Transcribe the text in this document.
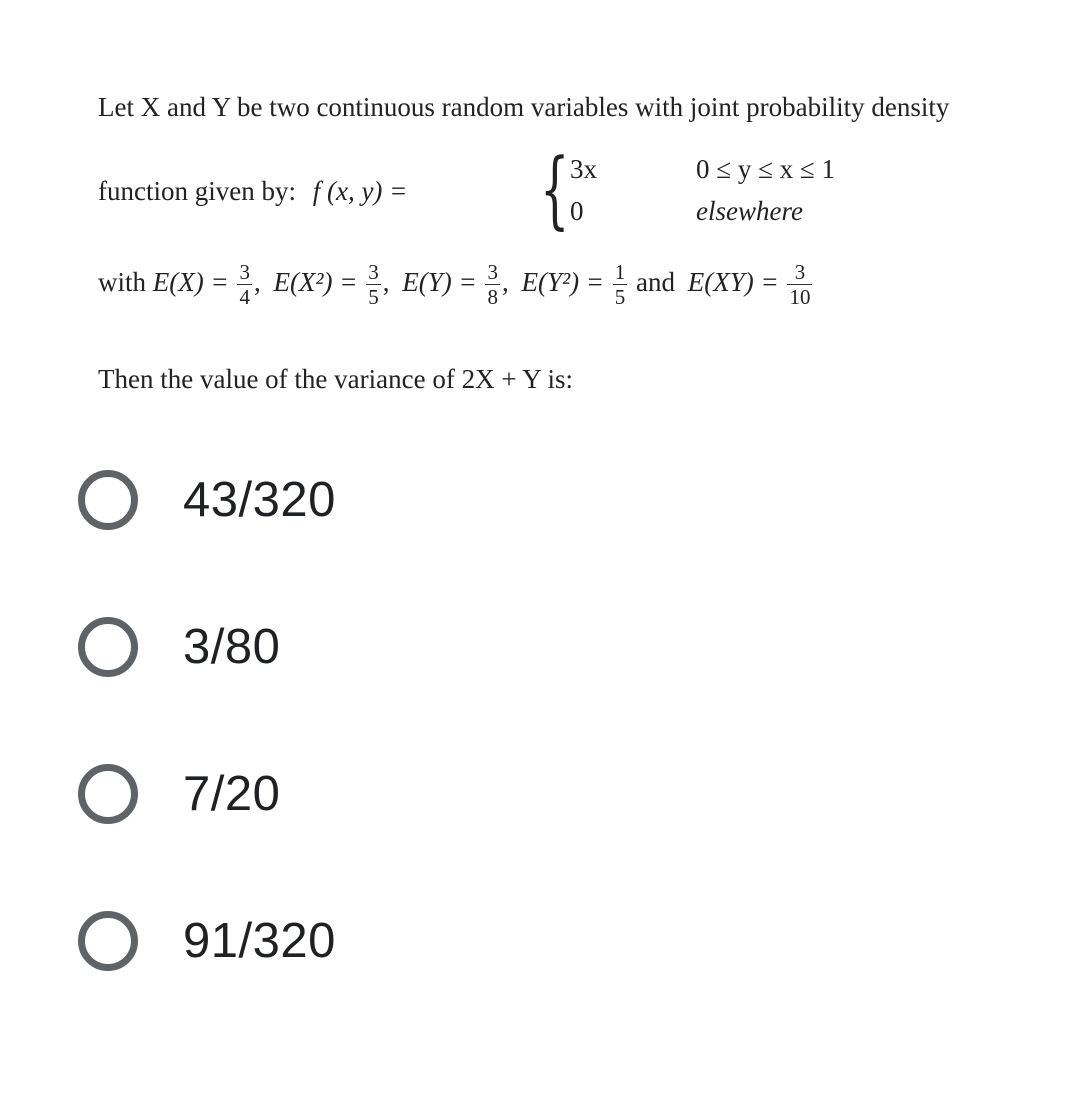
Let X and Y be two continuous random variables with joint probability density
function given by: f (x, y) = { 3x	0 ≤ y ≤ x ≤ 1
0	elsewhere
with $E(X) = \frac{3}{4}$ , $E(X^2) = \frac{3}{5}$ , $E(Y) = \frac{3}{8}$ , $E(Y^2) = \frac{1}{5}$ and $E(XY) = \frac{3}{10}$
Then the value of the variance of 2X + Y is:
43/320
3/80
7/20
91/320
